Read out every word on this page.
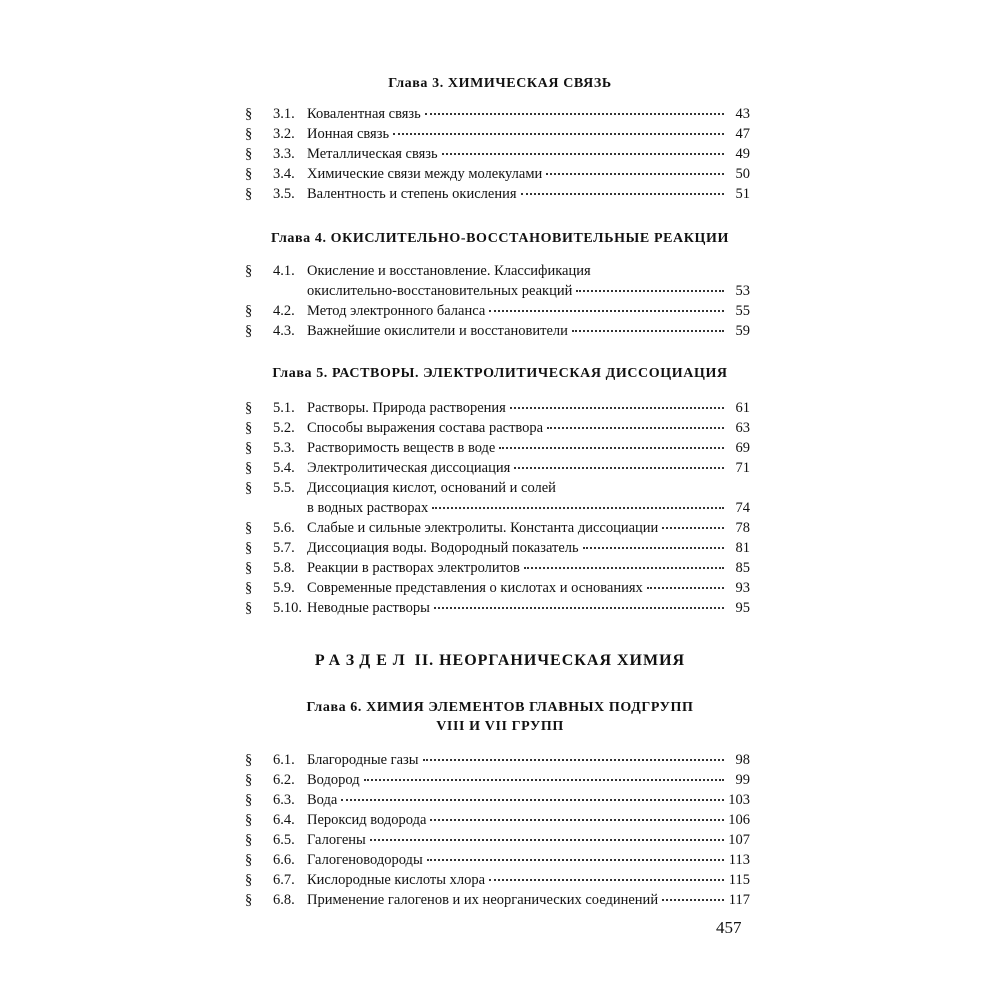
Глава 3. ХИМИЧЕСКАЯ СВЯЗЬ
§ 3.1. Ковалентная связь	43
§ 3.2. Ионная связь	47
§ 3.3. Металлическая связь	49
§ 3.4. Химические связи между молекулами	50
§ 3.5. Валентность и степень окисления	51
Глава 4. ОКИСЛИТЕЛЬНО-ВОССТАНОВИТЕЛЬНЫЕ РЕАКЦИИ
§ 4.1. Окисление и восстановление. Классификация
окислительно-восстановительных реакций	53
§ 4.2. Метод электронного баланса	55
§ 4.3. Важнейшие окислители и восстановители	59
Глава 5. РАСТВОРЫ. ЭЛЕКТРОЛИТИЧЕСКАЯ ДИССОЦИАЦИЯ
§ 5.1. Растворы. Природа растворения	61
§ 5.2. Способы выражения состава раствора	63
§ 5.3. Растворимость веществ в воде	69
§ 5.4. Электролитическая диссоциация	71
§ 5.5. Диссоциация кислот, оснований и солей
в водных растворах	74
§ 5.6. Слабые и сильные электролиты. Константа диссоциации	78
§ 5.7. Диссоциация воды. Водородный показатель	81
§ 5.8. Реакции в растворах электролитов	85
§ 5.9. Современные представления о кислотах и основаниях	93
§ 5.10. Неводные растворы	95
РАЗДЕЛ II. НЕОРГАНИЧЕСКАЯ ХИМИЯ
Глава 6. ХИМИЯ ЭЛЕМЕНТОВ ГЛАВНЫХ ПОДГРУПП
VIII И VII ГРУПП
§ 6.1. Благородные газы	98
§ 6.2. Водород	99
§ 6.3. Вода	103
§ 6.4. Пероксид водорода	106
§ 6.5. Галогены	107
§ 6.6. Галогеноводороды	113
§ 6.7. Кислородные кислоты хлора	115
§ 6.8. Применение галогенов и их неорганических соединений	117
457
